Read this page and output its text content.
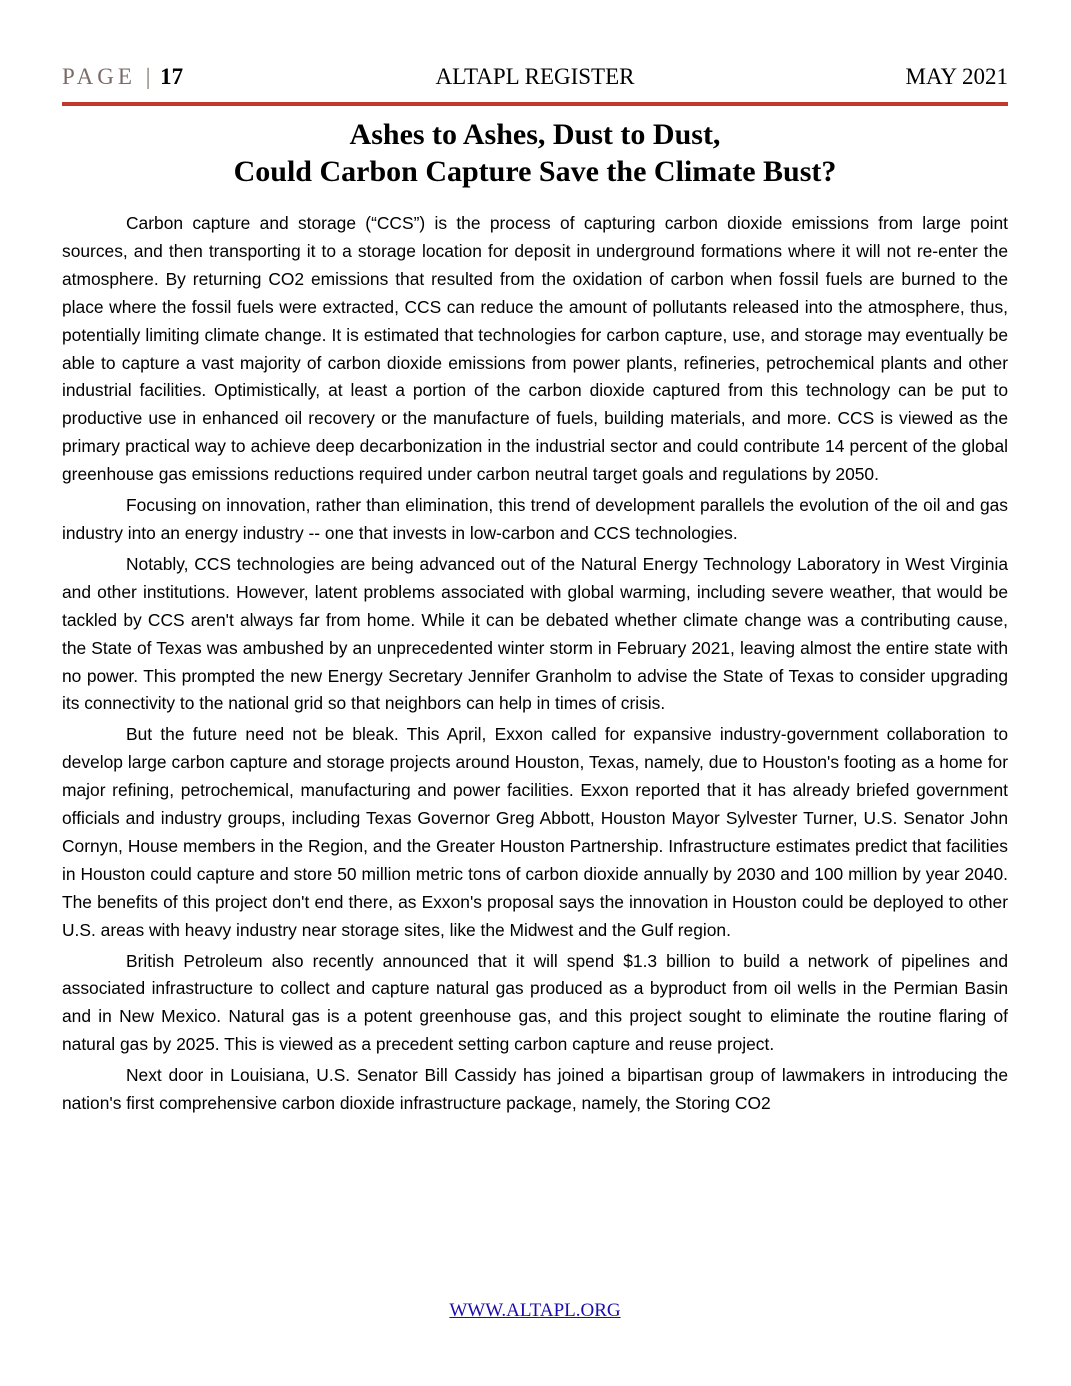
PAGE | 17	ALTAPL REGISTER	MAY 2021
Ashes to Ashes, Dust to Dust,
Could Carbon Capture Save the Climate Bust?

Carbon capture and storage (“CCS”) is the process of capturing carbon dioxide emissions from large point sources, and then transporting it to a storage location for deposit in underground formations where it will not re-enter the atmosphere. By returning CO2 emissions that resulted from the oxidation of carbon when fossil fuels are burned to the place where the fossil fuels were extracted, CCS can reduce the amount of pollutants released into the atmosphere, thus, potentially limiting climate change. It is estimated that technologies for carbon capture, use, and storage may eventually be able to capture a vast majority of carbon dioxide emissions from power plants, refineries, petrochemical plants and other industrial facilities. Optimistically, at least a portion of the carbon dioxide captured from this technology can be put to productive use in enhanced oil recovery or the manufacture of fuels, building materials, and more. CCS is viewed as the primary practical way to achieve deep decarbonization in the industrial sector and could contribute 14 percent of the global greenhouse gas emissions reductions required under carbon neutral target goals and regulations by 2050.

Focusing on innovation, rather than elimination, this trend of development parallels the evolution of the oil and gas industry into an energy industry -- one that invests in low-carbon and CCS technologies.

Notably, CCS technologies are being advanced out of the Natural Energy Technology Laboratory in West Virginia and other institutions. However, latent problems associated with global warming, including severe weather, that would be tackled by CCS aren't always far from home. While it can be debated whether climate change was a contributing cause, the State of Texas was ambushed by an unprecedented winter storm in February 2021, leaving almost the entire state with no power. This prompted the new Energy Secretary Jennifer Granholm to advise the State of Texas to consider upgrading its connectivity to the national grid so that neighbors can help in times of crisis.

But the future need not be bleak. This April, Exxon called for expansive industry-government collaboration to develop large carbon capture and storage projects around Houston, Texas, namely, due to Houston's footing as a home for major refining, petrochemical, manufacturing and power facilities. Exxon reported that it has already briefed government officials and industry groups, including Texas Governor Greg Abbott, Houston Mayor Sylvester Turner, U.S. Senator John Cornyn, House members in the Region, and the Greater Houston Partnership. Infrastructure estimates predict that facilities in Houston could capture and store 50 million metric tons of carbon dioxide annually by 2030 and 100 million by year 2040. The benefits of this project don't end there, as Exxon's proposal says the innovation in Houston could be deployed to other U.S. areas with heavy industry near storage sites, like the Midwest and the Gulf region.

British Petroleum also recently announced that it will spend $1.3 billion to build a network of pipelines and associated infrastructure to collect and capture natural gas produced as a byproduct from oil wells in the Permian Basin and in New Mexico. Natural gas is a potent greenhouse gas, and this project sought to eliminate the routine flaring of natural gas by 2025. This is viewed as a precedent setting carbon capture and reuse project.

Next door in Louisiana, U.S. Senator Bill Cassidy has joined a bipartisan group of lawmakers in introducing the nation's first comprehensive carbon dioxide infrastructure package, namely, the Storing CO2

WWW.ALTAPL.ORG
